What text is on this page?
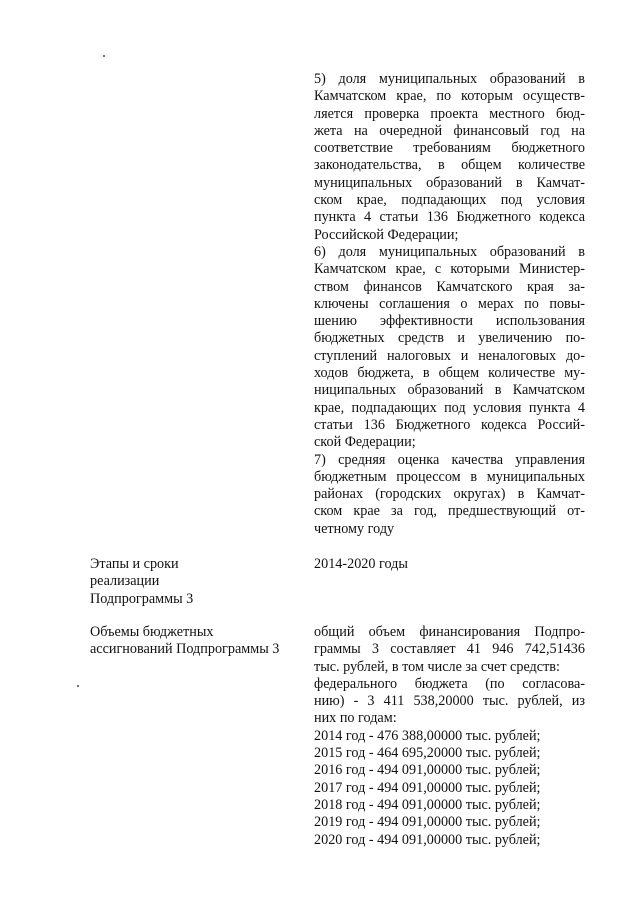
5) доля муниципальных образований в
Камчатском крае, по которым осуществ-
ляется проверка проекта местного бюд-
жета на очередной финансовый год на
соответствие требованиям бюджетного
законодательства, в общем количестве
муниципальных образований в Камчат-
ском крае, подпадающих под условия
пункта 4 статьи 136 Бюджетного кодекса
Российской Федерации;
6) доля муниципальных образований в
Камчатском крае, с которыми Министер-
ством финансов Камчатского края за-
ключены соглашения о мерах по повы-
шению эффективности использования
бюджетных средств и увеличению по-
ступлений налоговых и неналоговых до-
ходов бюджета, в общем количестве му-
ниципальных образований в Камчатском
крае, подпадающих под условия пункта 4
статьи 136 Бюджетного кодекса Россий-
ской Федерации;
7) средняя оценка качества управления
бюджетным процессом в муниципальных
районах (городских округах) в Камчат-
ском крае за год, предшествующий от-
четному году
Этапы и сроки
реализации
Подпрограммы 3
2014-2020 годы
Объемы бюджетных
ассигнований Подпрограммы 3
общий объем финансирования Подпро-
граммы 3 составляет 41 946 742,51436
тыс. рублей, в том числе за счет средств:
федерального бюджета (по согласова-
нию) - 3 411 538,20000 тыс. рублей, из
них по годам:
2014 год - 476 388,00000 тыс. рублей;
2015 год - 464 695,20000 тыс. рублей;
2016 год - 494 091,00000 тыс. рублей;
2017 год - 494 091,00000 тыс. рублей;
2018 год - 494 091,00000 тыс. рублей;
2019 год - 494 091,00000 тыс. рублей;
2020 год - 494 091,00000 тыс. рублей;
